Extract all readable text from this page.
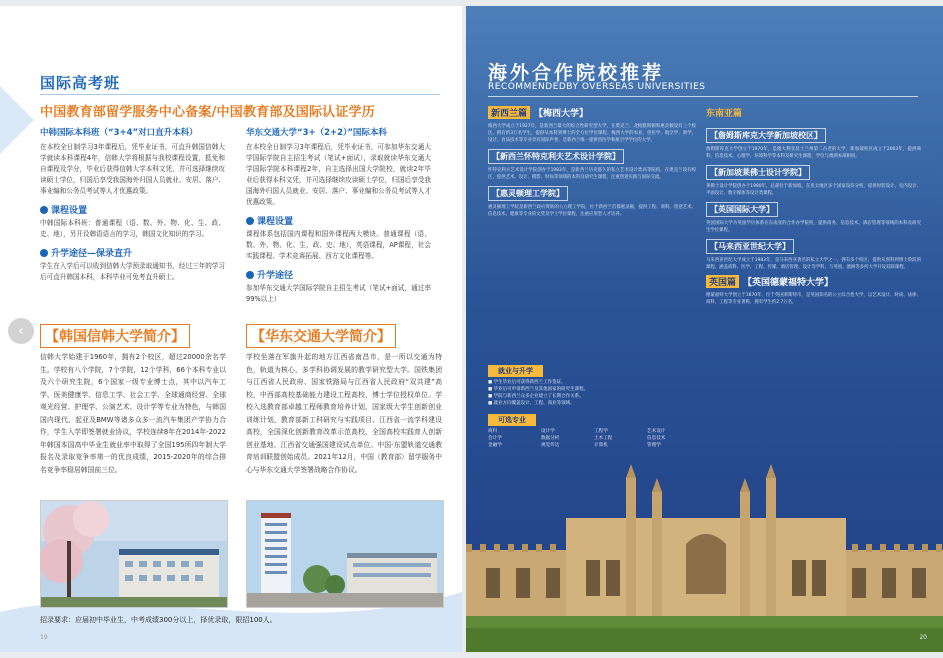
国际高考班
中国教育部留学服务中心备案/中国教育部及国际认证学历
中韩国际本科班（“3+4”对口直升本科）
在本校全日制学习3年课程后，凭毕业证书，可直升韩国信韩大学就读本科课程4年，信韩大学将根据与我校课程设置，抵免和自课程及学分，毕业后获得信韩大学本科文凭，并可选择继续攻读硕士学位，归国后享受我国海外归国人员就业、安居、落户、事业编和公务员考试等人才优惠政策。
课程设置
中韩国际本科班：普通课程（语、数、外、物、化、生、政、史、地），另开设韩语语言的学习，韩国文化知识的学习。
升学途径—保录直升
学生在入学后可以收到信韩大学预录取通知书，经过三年的学习后可直升韩国本科，本科毕业可免考直升硕士。
华东交通大学“3+（2+2）”国际本科
在本校全日制学习3年课程后，凭毕业证书，可参加华东交通大学国际学院自主招生考试（笔试+面试），录取就读华东交通大学国际学院本科课程2年，自主选择出国大学院校，就读2年毕业后获得本科文凭，并可选择继续攻读硕士学位，归国后享受我国海外归国人员就业、安居、落户、事业编和公务员考试等人才优惠政策。
课程设置
课程体系包括国内课程和国外课程两大模块。普通课程（语、数、外、物、化、生、政、史、地），英语课程，AP课程，社会实践课程、学术竞赛拓展、西方文化课程等。
升学途径
参加华东交通大学国际学院自主招生考试（笔试+面试，通过率99%以上）
【韩国信韩大学简介】
信韩大学始建于1960年，拥有2个校区，超过20000余名学生。学校有八个学院，7个学院，12个学科，66个本科专业以及六个研究生院，6个国家一级专业博士点，其中以汽车工学、医美健康学、信息工学、社会工学、全球通商经营、全球观光经营、护理学、公演艺术、设计学等专业为特色，与韩国国内现代、起亚及BMW等诸多众多一流汽车集团产学协力合作，学生入学即签署就业协议，学校连续8年在2014年-2022年韩国本国高中毕业生就业率中取得了全国195所四年制大学报名及录取竞争率第一的优良成绩，2015-2020年的综合排名竞争率稳居韩国前三位。
【华东交通大学简介】
学校坐落在军旗升起的地方江西省南昌市，是一所以交通为特色，轨道为核心，多学科协调发展的教学研究型大学。国铁集团与江西省人民政府、国家铁路局与江西省人民政府“双共建”高校，中西部高校基础能力建设工程高校，博士学位授权单位。学校入选教育部卓越工程师教育培养计划、国家级大学生创新创业训练计划，教育部新工科研究与实践项目、江西省一流学科建设高校，全国深化创新教育改革示范高校、全国高校实践育人创新创业基地、江西省交通强国建设试点单位。中国-东盟轨道交通教育培训联盟创始成员。2021年12月，中国（教育部）留学服务中心与华东交通大学签署战略合作协议。
招录要求：应届初中毕业生，中考成绩300分以上，择优录取，限招100人。
19
‹
海外合作院校推荐
RECOMMENDEDBY OVERSEAS UNIVERSITIES
新西兰篇 【梅西大学】
梅西大学成立于1927年，是新西兰最大的综合性研究型大学，在奥克兰、北帕默斯顿和惠灵顿设有三个校区，拥有约3万名学生，提供从本科到博士的全方位学位课程。梅西大学的农业、兽医学、航空学、商学、设计、食品技术等专业享有国际声誉，是新西兰唯一提供兽医学和航空学学位的大学。
【新西兰怀特克利夫艺术设计学院】
怀特克利夫艺术设计学院创办于1983年，是新西兰历史悠久的私立艺术设计类高等院校，在奥克兰设有校区，提供艺术、设计、摄影、时尚等领域的本科及研究生课程，注重创意实践与国际交流。
【惠灵顿理工学院】
惠灵顿理工学院是新西兰政府资助的公立理工学院，位于新西兰首都惠灵顿，提供工程、商科、创意艺术、信息技术、健康等专业的文凭及学士学位课程，注重应用型人才培养。
就业与升学
■ 学生毕业后可获得新西兰工作签证。
■ 毕业后可申请新西兰及其他国家的研究生课程。
■ 学院与新西兰众多企业建立了长期合作关系。
■ 就业方向覆盖设计、工程、商业等领域。
可选专业
商科	设计学	工程学	艺术设计
会计学	数据分析	土木工程	信息技术
金融学	视觉传达	计算机	管理学
东南亚篇
【詹姆斯库克大学新加坡校区】
詹姆斯库克大学创立于1970年，是澳大利亚昆士兰州第二古老的大学，新加坡校区成立于2003年，提供商科、信息技术、心理学、环境科学等本科及研究生课程，学位与澳洲本部相同。
【新加坡莱佛士设计学院】
莱佛士设计学院创办于1990年，总部位于新加坡，在亚太地区多个国家设有分校，提供时装设计、室内设计、平面设计、数字媒体等设计类课程。
【英国国际大学】
英国国际大学为英国学历体系在东南亚的合作办学院校，提供商务、信息技术、酒店管理等领域的本科及研究生学位课程。
【马来西亚世纪大学】
马来西亚世纪大学成立于1983年，是马来西亚著名的私立大学之一，拥有多个校区，提供从预科到博士阶段的课程，涵盖商科、医学、工程、传媒、酒店管理、设计等学科，与英国、澳洲等多所大学开设双联课程。
英国篇 【英国德蒙福特大学】
德蒙福特大学创立于1870年，位于英国莱斯特市，是英国知名的公立综合性大学，以艺术设计、时尚、法律、商科、工程等专业著称，拥有学生约2.7万名。
20
